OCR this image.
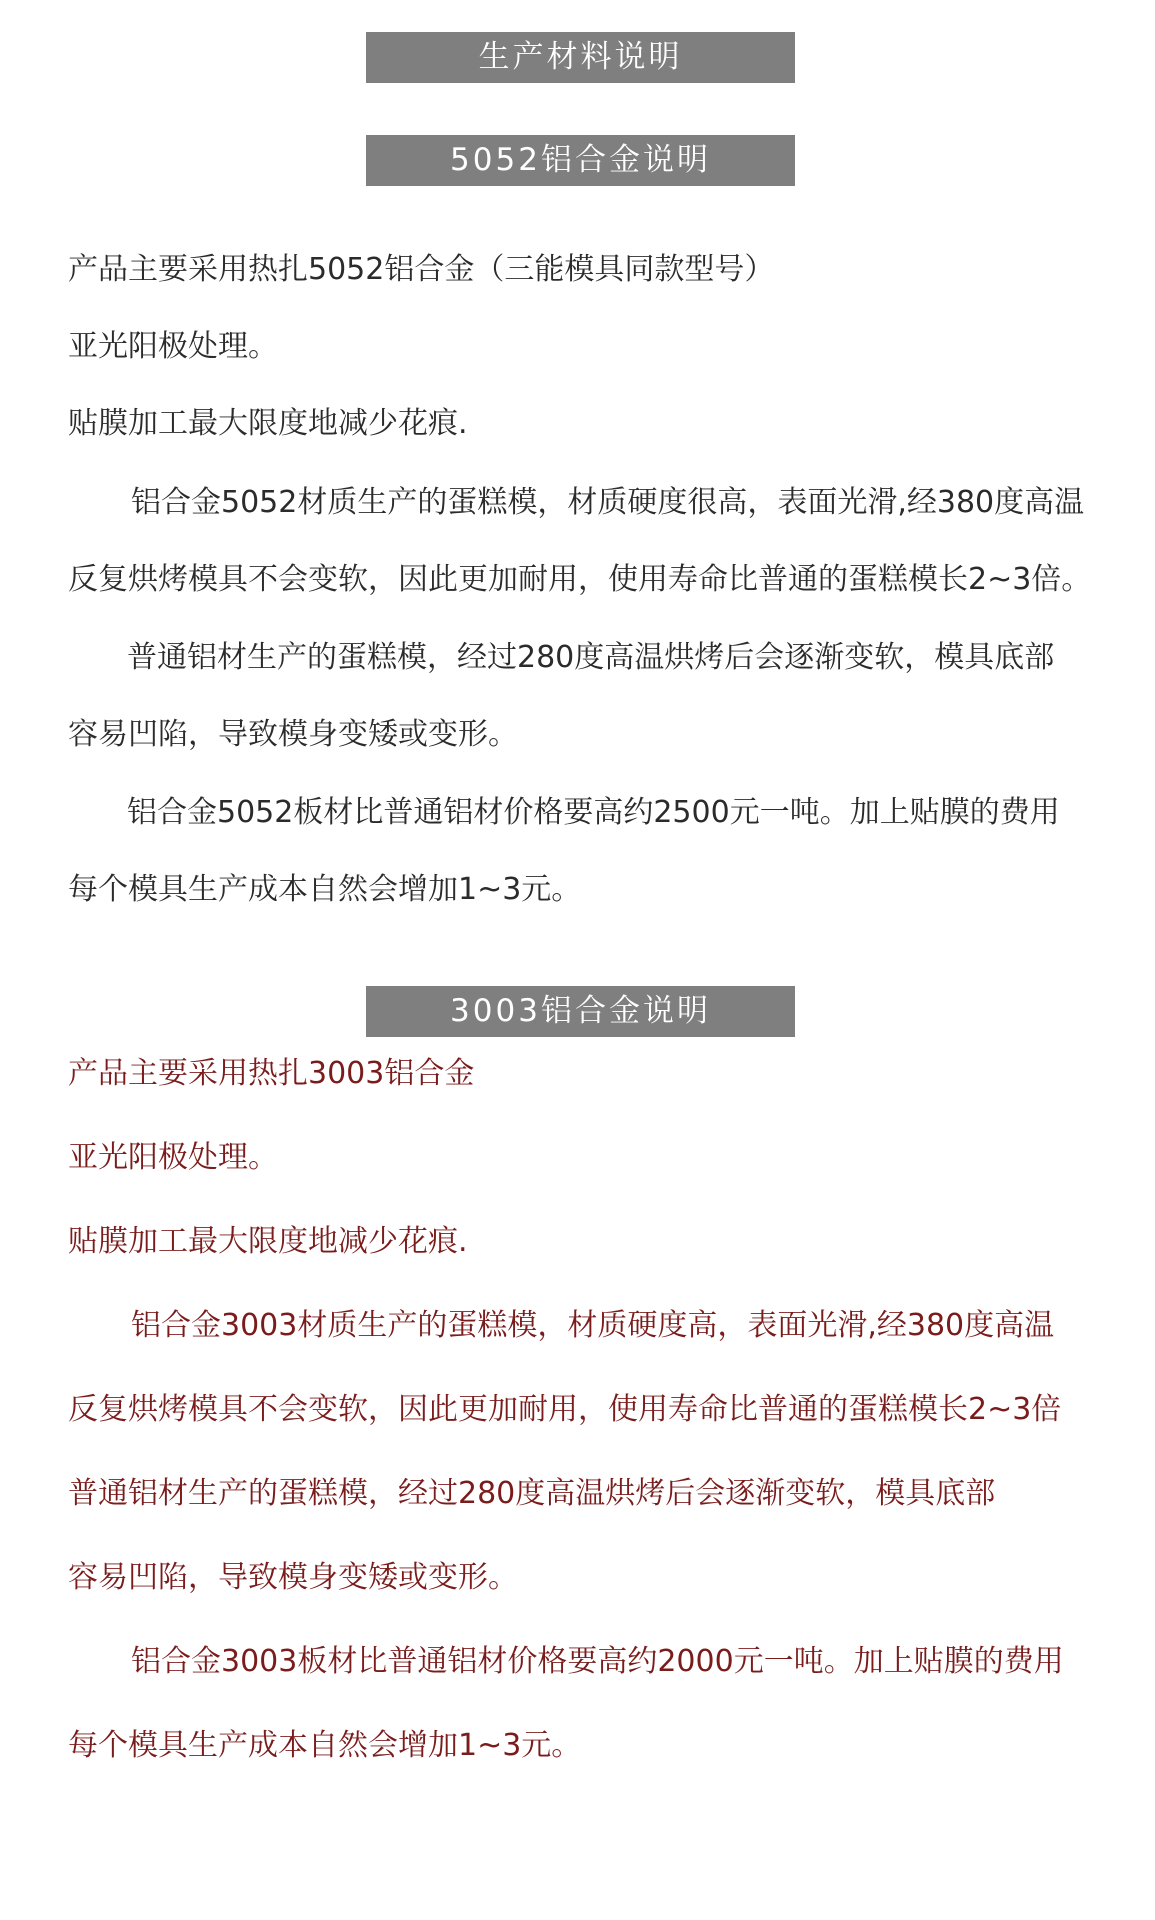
生产材料说明
5052铝合金说明
产品主要采用热扎5052铝合金（三能模具同款型号）
亚光阳极处理。
贴膜加工最大限度地减少花痕.
铝合金5052材质生产的蛋糕模，材质硬度很高，表面光滑,经380度高温
反复烘烤模具不会变软，因此更加耐用，使用寿命比普通的蛋糕模长2~3倍。
普通铝材生产的蛋糕模，经过280度高温烘烤后会逐渐变软，模具底部
容易凹陷，导致模身变矮或变形。
铝合金5052板材比普通铝材价格要高约2500元一吨。加上贴膜的费用
每个模具生产成本自然会增加1~3元。
3003铝合金说明
产品主要采用热扎3003铝合金
亚光阳极处理。
贴膜加工最大限度地减少花痕.
铝合金3003材质生产的蛋糕模，材质硬度高，表面光滑,经380度高温
反复烘烤模具不会变软，因此更加耐用，使用寿命比普通的蛋糕模长2~3倍
普通铝材生产的蛋糕模，经过280度高温烘烤后会逐渐变软，模具底部
容易凹陷，导致模身变矮或变形。
铝合金3003板材比普通铝材价格要高约2000元一吨。加上贴膜的费用
每个模具生产成本自然会增加1~3元。
